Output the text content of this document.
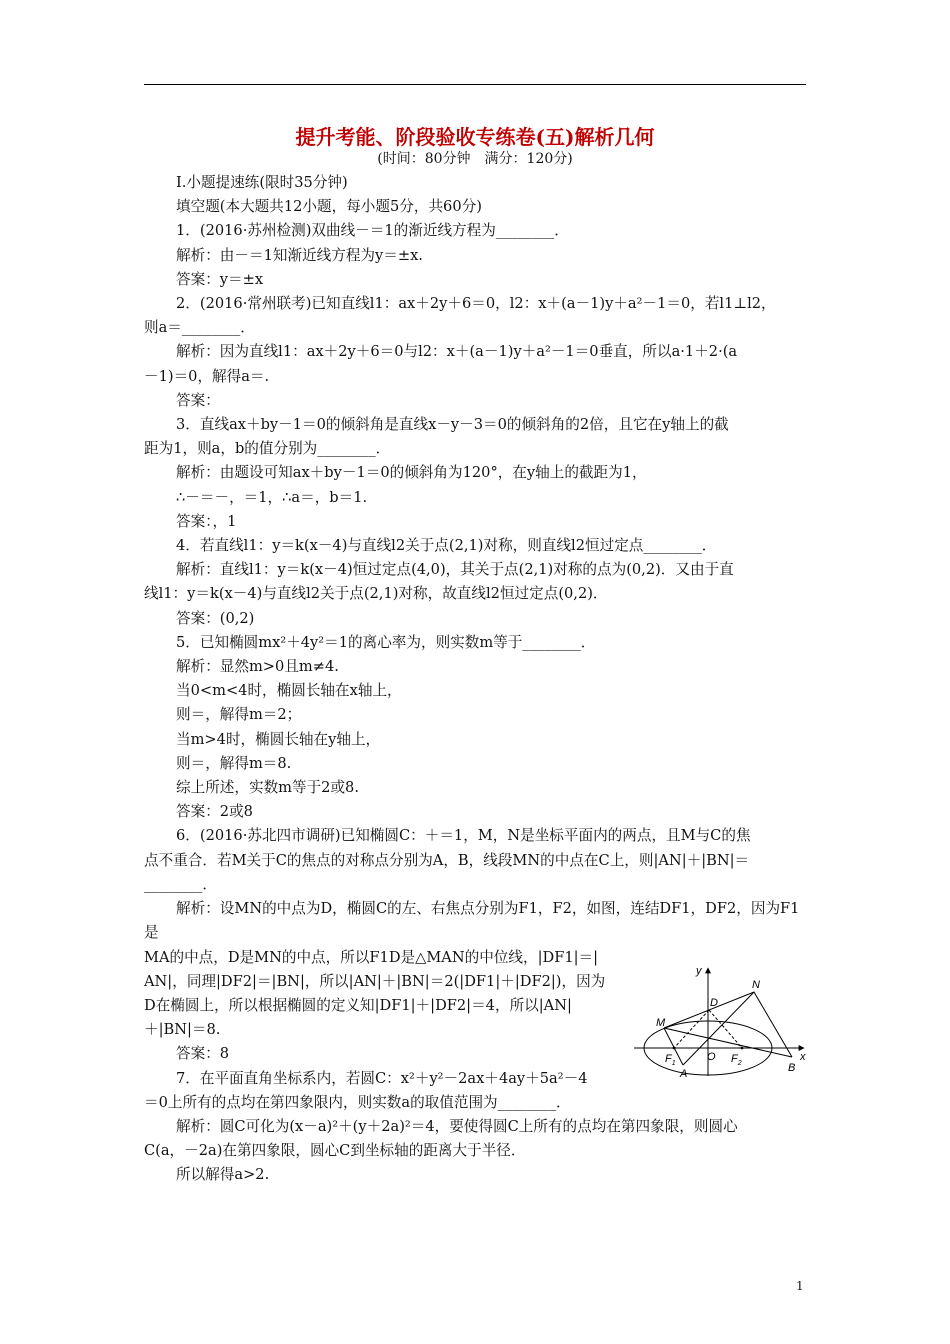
提升考能、阶段验收专练卷(五)解析几何
(时间：80分钟　满分：120分)

Ⅰ.小题提速练(限时35分钟)

填空题(本大题共12小题，每小题5分，共60分)

1．(2016·苏州检测)双曲线－＝1的渐近线方程为________．

解析：由－＝1知渐近线方程为y＝±x.

答案：y＝±x

2．(2016·常州联考)已知直线l1：ax＋2y＋6＝0，l2：x＋(a－1)y＋a²－1＝0，若l1⊥l2，

则a＝________．

解析：因为直线l1：ax＋2y＋6＝0与l2：x＋(a－1)y＋a²－1＝0垂直，所以a·1＋2·(a

－1)＝0，解得a＝.

答案：

3．直线ax＋by－1＝0的倾斜角是直线x－y－3＝0的倾斜角的2倍，且它在y轴上的截

距为1，则a，b的值分别为________．

解析：由题设可知ax＋by－1＝0的倾斜角为120°，在y轴上的截距为1，

∴－＝－，＝1，∴a＝，b＝1.

答案：，1

4．若直线l1：y＝k(x－4)与直线l2关于点(2,1)对称，则直线l2恒过定点________．

解析：直线l1：y＝k(x－4)恒过定点(4,0)，其关于点(2,1)对称的点为(0,2)．又由于直

线l1：y＝k(x－4)与直线l2关于点(2,1)对称，故直线l2恒过定点(0,2)．

答案：(0,2)

5．已知椭圆mx²＋4y²＝1的离心率为，则实数m等于________．

解析：显然m>0且m≠4.

当0<m<4时，椭圆长轴在x轴上，

则＝，解得m＝2；

当m>4时，椭圆长轴在y轴上，

则＝，解得m＝8.

综上所述，实数m等于2或8.

答案：2或8

6．(2016·苏北四市调研)已知椭圆C：＋＝1，M，N是坐标平面内的两点，且M与C的焦

点不重合．若M关于C的焦点的对称点分别为A，B，线段MN的中点在C上，则|AN|＋|BN|＝

________．

解析：设MN的中点为D，椭圆C的左、右焦点分别为F1，F2，如图，连结DF1，DF2，因为F1是

MA的中点，D是MN的中点，所以F1D是△MAN的中位线，|DF1|＝|

AN|，同理|DF2|＝|BN|，所以|AN|＋|BN|＝2(|DF1|＋|DF2|)，因为

D在椭圆上，所以根据椭圆的定义知|DF1|＋|DF2|＝4，所以|AN|

＋|BN|＝8.

答案：8

7．在平面直角坐标系内，若圆C：x²＋y²－2ax＋4ay＋5a²－4

＝0上所有的点均在第四象限内，则实数a的取值范围为________．

解析：圆C可化为(x－a)²＋(y＋2a)²＝4，要使得圆C上所有的点均在第四象限，则圆心

C(a，－2a)在第四象限，圆心C到坐标轴的距离大于半径．

所以解得a>2.

y
x
N
D
M
O
A	B
$F_1$	$F_2$
1
